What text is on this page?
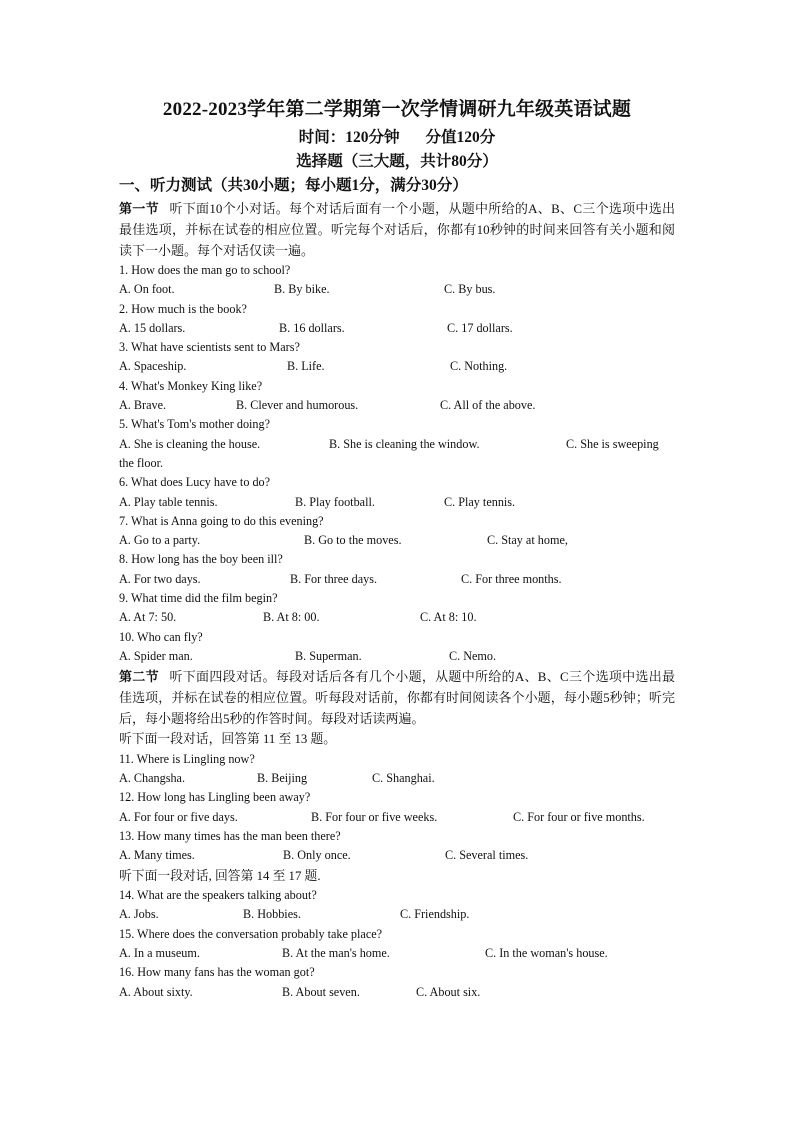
2022-2023学年第二学期第一次学情调研九年级英语试题
时间：120分钟 分值120分
选择题（三大题，共计80分）
一、听力测试（共30小题；每小题1分，满分30分）

第一节 听下面10个小对话。每个对话后面有一个小题，从题中所给的A、B、C三个选项中选出最佳选项，并标在试卷的相应位置。听完每个对话后，你都有10秒钟的时间来回答有关小题和阅读下一小题。每个对话仅读一遍。

1. How does the man go to school?
A. On foot.	B. By bike.	C. By bus.
2. How much is the book?
A. 15 dollars.	B. 16 dollars.	C. 17 dollars.
3. What have scientists sent to Mars?
A. Spaceship.	B. Life.	C. Nothing.
4. What's Monkey King like?
A. Brave.	B. Clever and humorous.	C. All of the above.
5. What's Tom's mother doing?
A. She is cleaning the house.	B. She is cleaning the window.	C. She is sweeping
the floor.
6. What does Lucy have to do?
A. Play table tennis.	B. Play football.	C. Play tennis.
7. What is Anna going to do this evening?
A. Go to a party.	B. Go to the moves.	C. Stay at home,
8. How long has the boy been ill?
A. For two days.	B. For three days.	C. For three months.
9. What time did the film begin?
A. At 7: 50.	B. At 8: 00.	C. At 8: 10.
10. Who can fly?
A. Spider man.	B. Superman.	C. Nemo.

第二节 听下面四段对话。每段对话后各有几个小题，从题中所给的A、B、C三个选项中选出最佳选项，并标在试卷的相应位置。听每段对话前，你都有时间阅读各个小题，每小题5秒钟；听完后，每小题将给出5秒的作答时间。每段对话读两遍。

听下面一段对话，回答第 11 至 13 题。
11. Where is Lingling now?
A. Changsha.	B. Beijing	C. Shanghai.
12. How long has Lingling been away?
A. For four or five days.	B. For four or five weeks.	C. For four or five months.
13. How many times has the man been there?
A. Many times.	B. Only once.	C. Several times.
听下面一段对话, 回答第 14 至 17 题.
14. What are the speakers talking about?
A. Jobs.	B. Hobbies.	C. Friendship.
15. Where does the conversation probably take place?
A. In a museum.	B. At the man's home.	C. In the woman's house.
16. How many fans has the woman got?
A. About sixty.	B. About seven.	C. About six.
